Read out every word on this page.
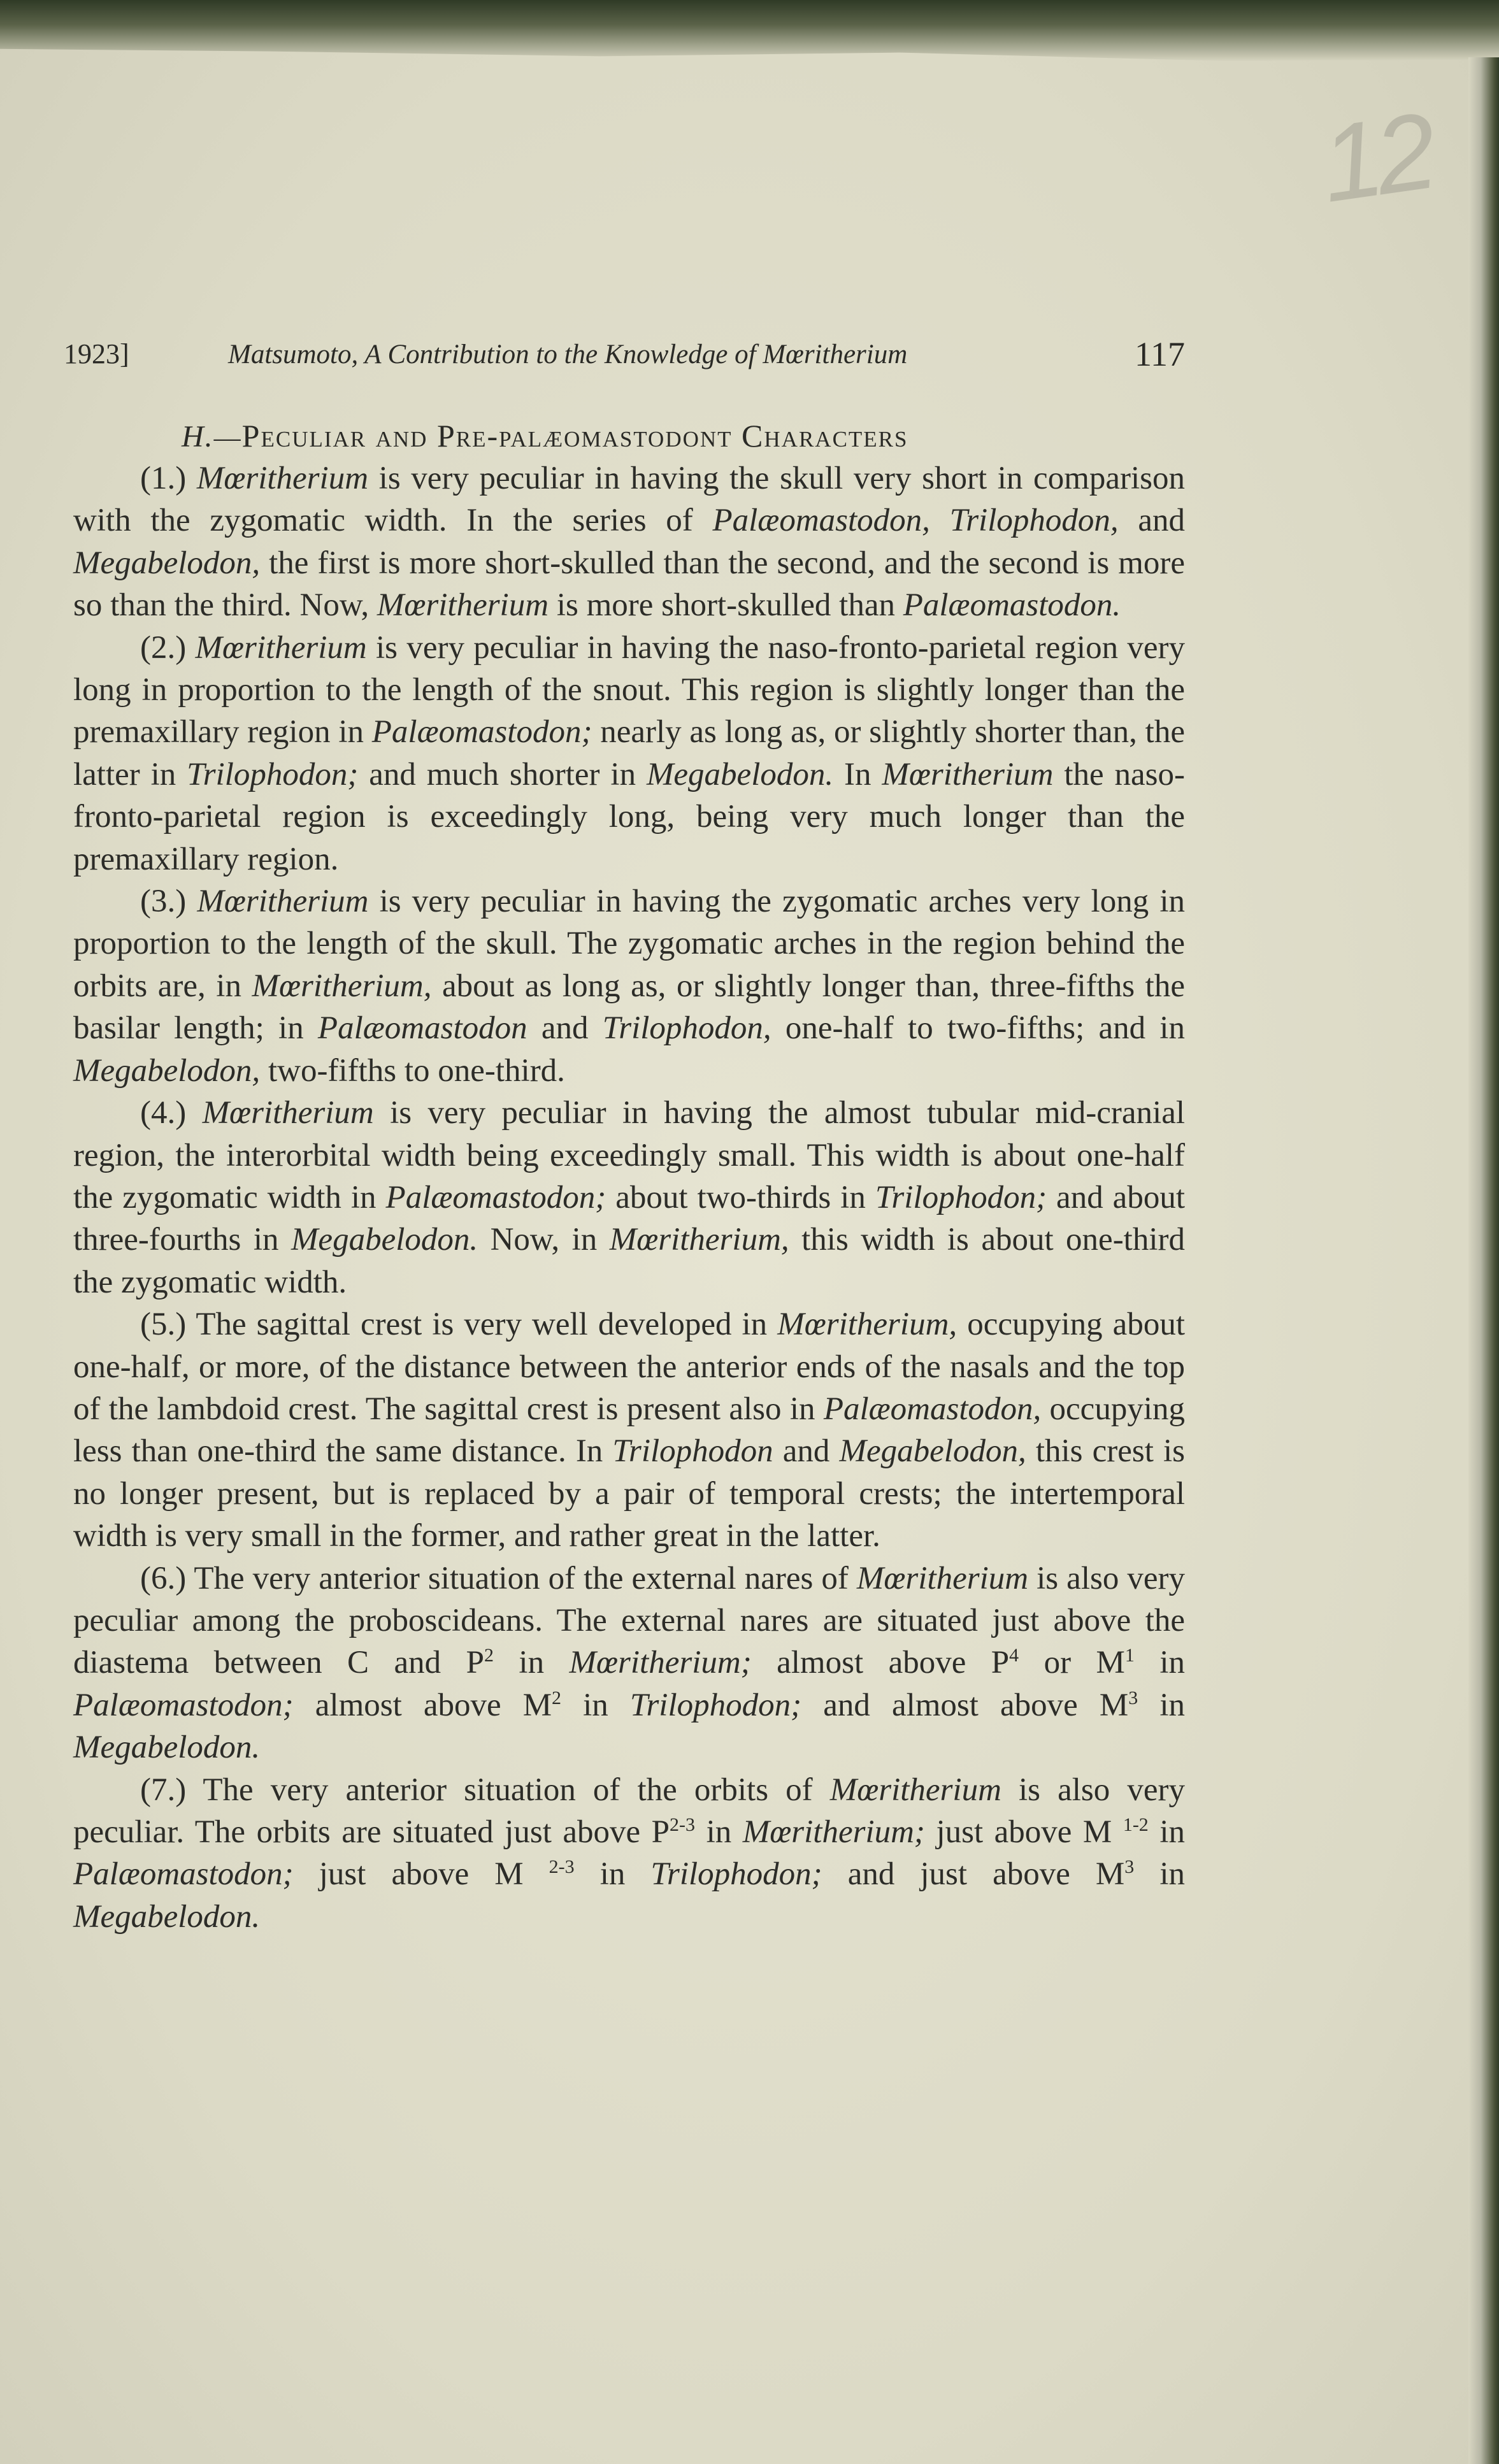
12
1923]	Matsumoto, A Contribution to the Knowledge of Mœritherium	117
H.—Peculiar and Pre-palæomastodont Characters

(1.) Mœritherium is very peculiar in having the skull very short in comparison with the zygomatic width. In the series of Palæomastodon, Trilophodon, and Megabelodon, the first is more short-skulled than the second, and the second is more so than the third. Now, Mœritherium is more short-skulled than Palæomastodon.

(2.) Mœritherium is very peculiar in having the naso-fronto-parietal region very long in proportion to the length of the snout. This region is slightly longer than the premaxillary region in Palæomastodon; nearly as long as, or slightly shorter than, the latter in Trilophodon; and much shorter in Megabelodon. In Mœritherium the naso-fronto-parietal region is exceedingly long, being very much longer than the premaxillary region.

(3.) Mœritherium is very peculiar in having the zygomatic arches very long in proportion to the length of the skull. The zygomatic arches in the region behind the orbits are, in Mœritherium, about as long as, or slightly longer than, three-fifths the basilar length; in Palæomastodon and Trilophodon, one-half to two-fifths; and in Megabelodon, two-fifths to one-third.

(4.) Mœritherium is very peculiar in having the almost tubular mid-cranial region, the interorbital width being exceedingly small. This width is about one-half the zygomatic width in Palæomastodon; about two-thirds in Trilophodon; and about three-fourths in Megabelodon. Now, in Mœritherium, this width is about one-third the zygomatic width.

(5.) The sagittal crest is very well developed in Mœritherium, occupying about one-half, or more, of the distance between the anterior ends of the nasals and the top of the lambdoid crest. The sagittal crest is present also in Palæomastodon, occupying less than one-third the same distance. In Trilophodon and Megabelodon, this crest is no longer present, but is replaced by a pair of temporal crests; the intertemporal width is very small in the former, and rather great in the latter.

(6.) The very anterior situation of the external nares of Mœritherium is also very peculiar among the proboscideans. The external nares are situated just above the diastema between C and $P^2$ in Mœritherium; almost above $P^4$ or $M^1$ in Palæomastodon; almost above $M^2$ in Trilophodon; and almost above $M^3$ in Megabelodon.

(7.) The very anterior situation of the orbits of Mœritherium is also very peculiar. The orbits are situated just above $P^{2-3}$ in Mœritherium; just above M $^{1-2}$ in Palæomastodon; just above M $^{2-3}$ in Trilophodon; and just above $M^3$ in Megabelodon.
